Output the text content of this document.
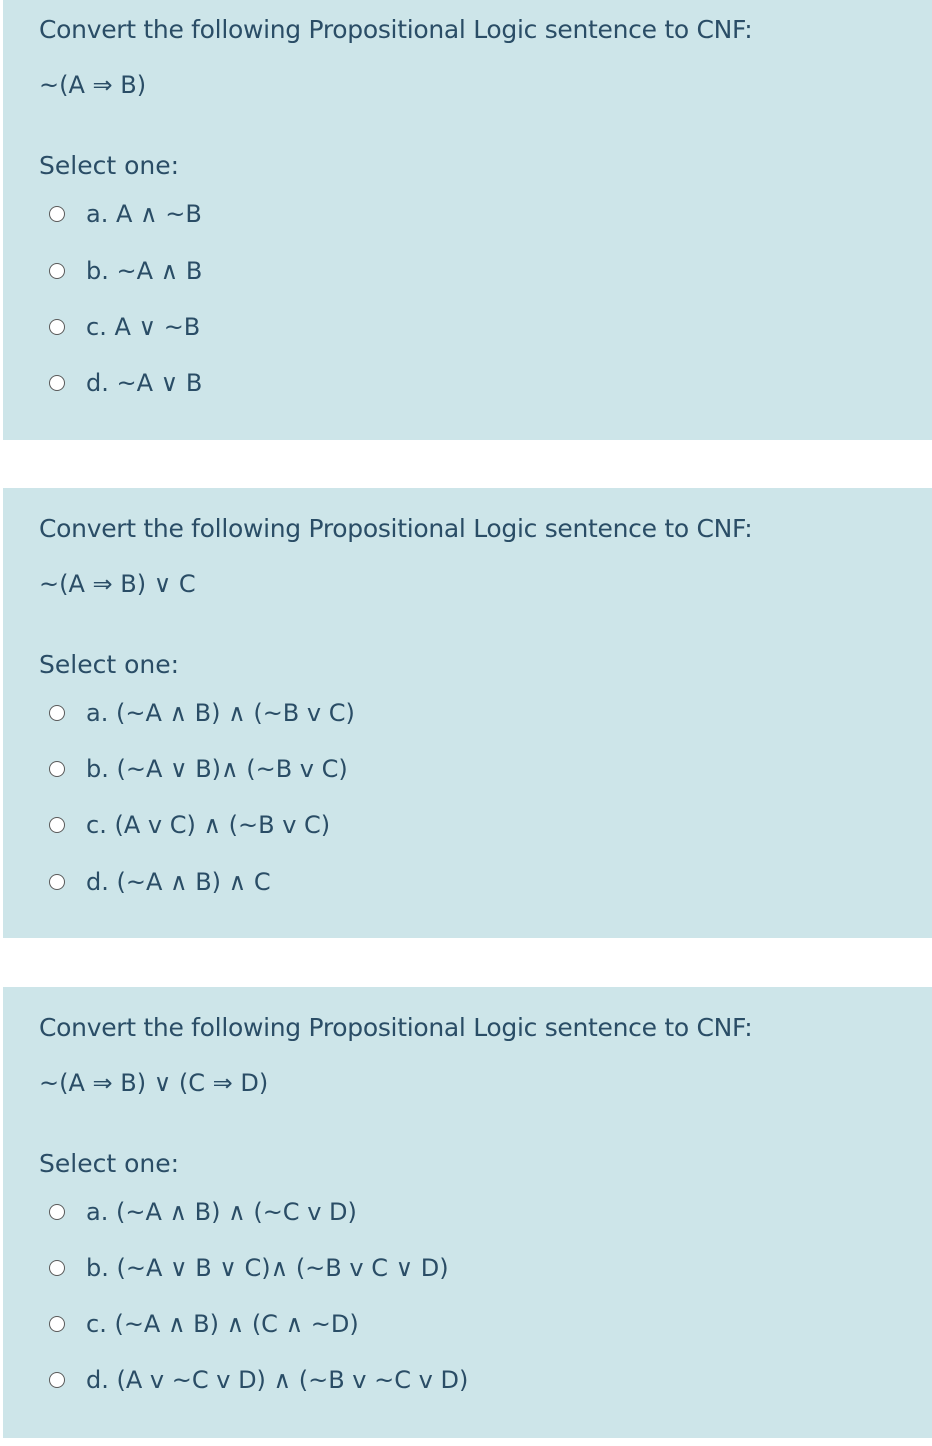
Convert the following Propositional Logic sentence to CNF:
~(A ⇒ B)
Select one:
a. A ∧ ~B
b. ~A ∧ B
c. A ∨ ~B
d. ~A ∨ B
Convert the following Propositional Logic sentence to CNF:
~(A ⇒ B) ∨ C
Select one:
a. (~A ∧ B) ∧ (~B v C)
b. (~A ∨ B)∧ (~B v C)
c. (A v C) ∧ (~B v C)
d. (~A ∧ B) ∧ C
Convert the following Propositional Logic sentence to CNF:
~(A ⇒ B) ∨ (C ⇒ D)
Select one:
a. (~A ∧ B) ∧ (~C v D)
b. (~A ∨ B ∨ C)∧ (~B v C ∨ D)
c. (~A ∧ B) ∧ (C ∧ ~D)
d. (A v ~C v D) ∧ (~B v ~C v D)
